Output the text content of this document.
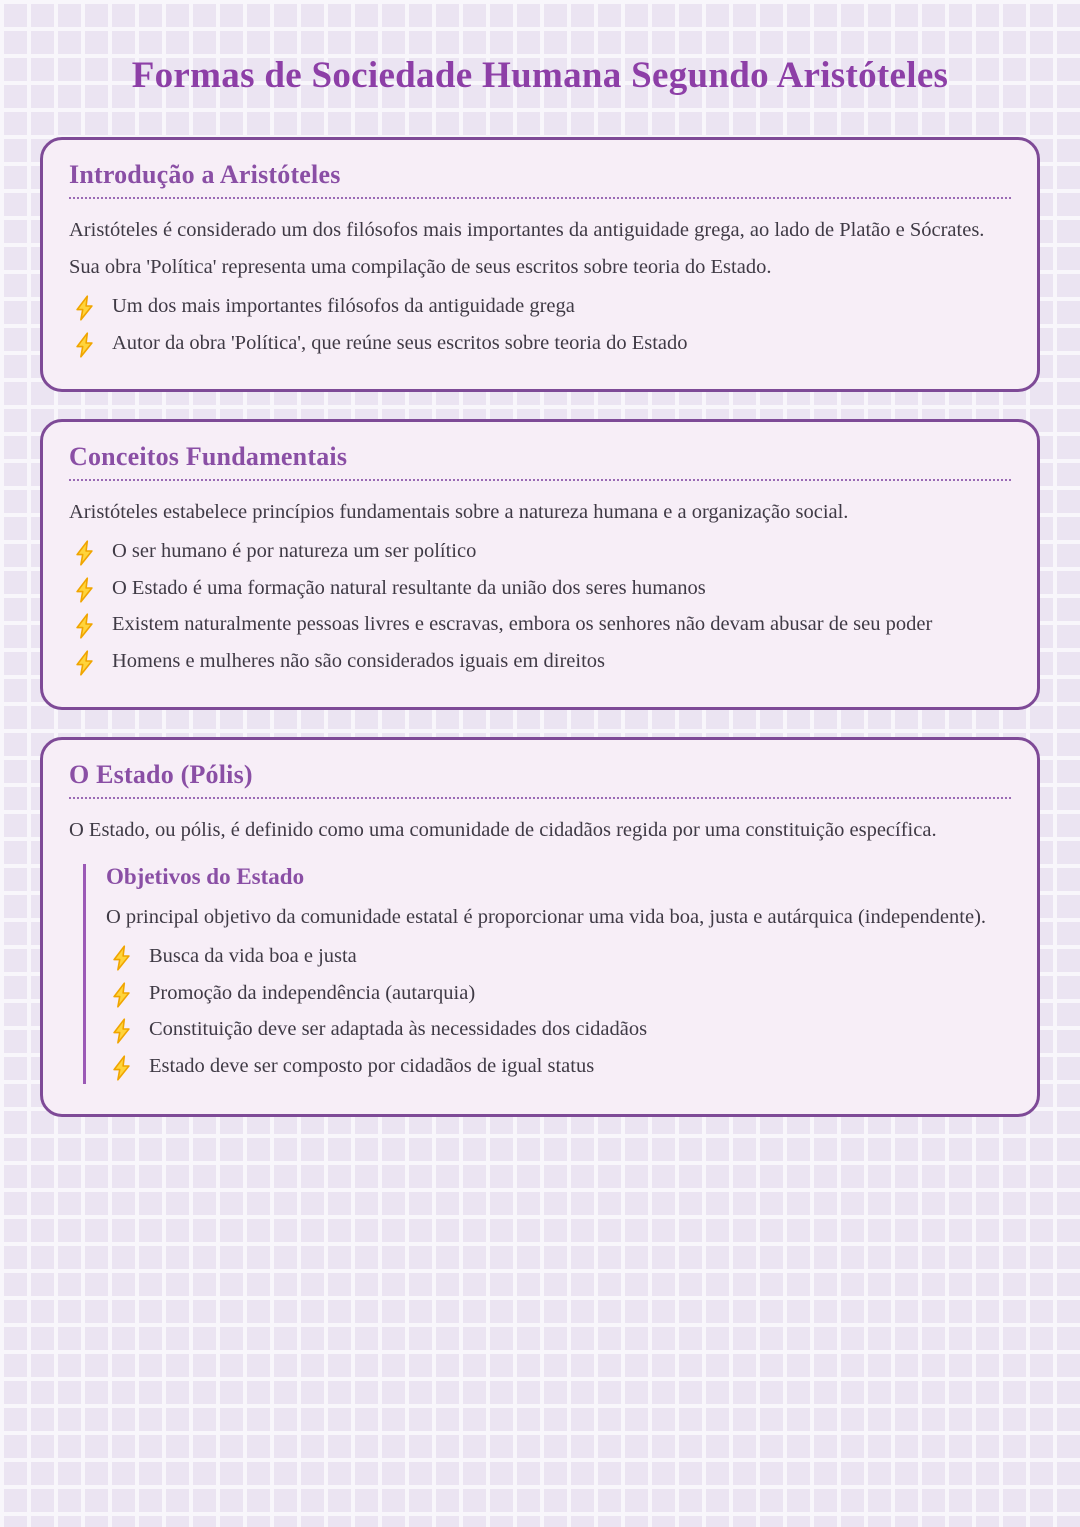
Formas de Sociedade Humana Segundo Aristóteles
Introdução a Aristóteles

Aristóteles é considerado um dos filósofos mais importantes da antiguidade grega, ao lado de Platão e Sócrates. Sua obra 'Política' representa uma compilação de seus escritos sobre teoria do Estado.

Um dos mais importantes filósofos da antiguidade grega
Autor da obra 'Política', que reúne seus escritos sobre teoria do Estado
Conceitos Fundamentais

Aristóteles estabelece princípios fundamentais sobre a natureza humana e a organização social.

O ser humano é por natureza um ser político
O Estado é uma formação natural resultante da união dos seres humanos
Existem naturalmente pessoas livres e escravas, embora os senhores não devam abusar de seu poder
Homens e mulheres não são considerados iguais em direitos
O Estado (Pólis)

O Estado, ou pólis, é definido como uma comunidade de cidadãos regida por uma constituição específica.

Objetivos do Estado

O principal objetivo da comunidade estatal é proporcionar uma vida boa, justa e autárquica (independente).

Busca da vida boa e justa
Promoção da independência (autarquia)
Constituição deve ser adaptada às necessidades dos cidadãos
Estado deve ser composto por cidadãos de igual status
